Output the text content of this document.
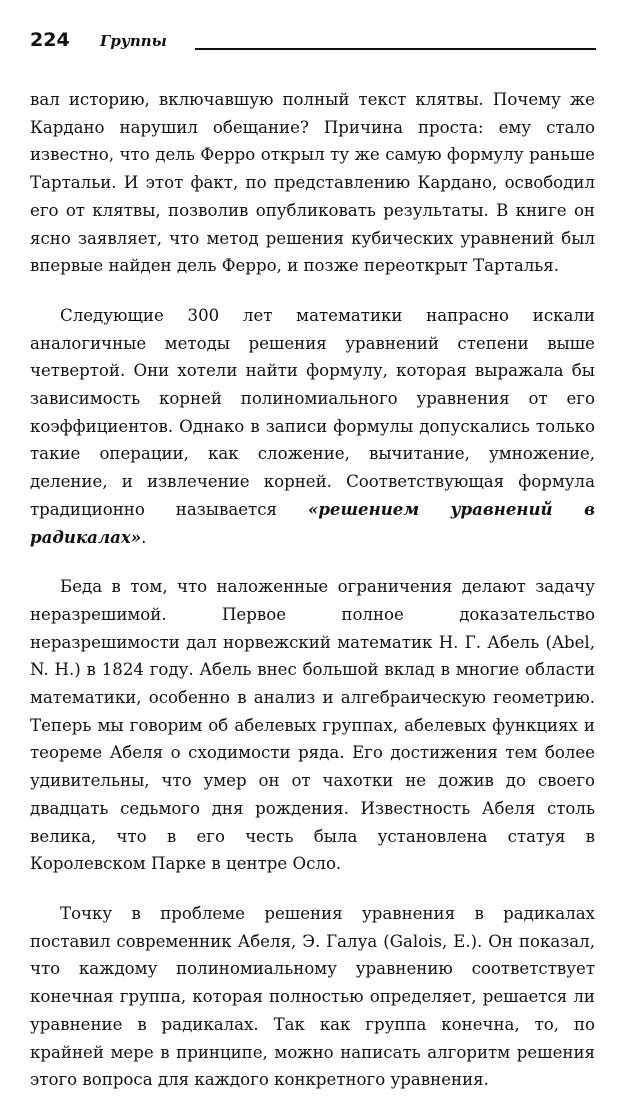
224 Группы

вал историю, включавшую полный текст клятвы. Почему же Кардано нарушил обещание? Причина проста: ему стало известно, что дель Ферро открыл ту же самую формулу раньше Тартальи. И этот факт, по представлению Кардано, освободил его от клятвы, позволив опубликовать результаты. В книге он ясно заявляет, что метод решения кубических уравнений был впервые найден дель Ферро, и позже переоткрыт Тарталья.

Следующие 300 лет математики напрасно искали аналогичные методы решения уравнений степени выше четвертой. Они хотели найти формулу, которая выражала бы зависимость корней полиномиального уравнения от его коэффициентов. Однако в записи формулы допускались только такие операции, как сложение, вычитание, умножение, деление, и извлечение корней. Соответствующая формула традиционно называется «решением уравнений в радикалах».

Беда в том, что наложенные ограничения делают задачу неразрешимой. Первое полное доказательство неразрешимости дал норвежский математик Н. Г. Абель (Abel, N. H.) в 1824 году. Абель внес большой вклад в многие области математики, особенно в анализ и алгебраическую геометрию. Теперь мы говорим об абелевых группах, абелевых функциях и теореме Абеля о сходимости ряда. Его достижения тем более удивительны, что умер он от чахотки не дожив до своего двадцать седьмого дня рождения. Известность Абеля столь велика, что в его честь была установлена статуя в Королевском Парке в центре Осло.

Точку в проблеме решения уравнения в радикалах поставил современник Абеля, Э. Галуа (Galois, E.). Он показал, что каждому полиномиальному уравнению соответствует конечная группа, которая полностью определяет, решается ли уравнение в радикалах. Так как группа конечна, то, по крайней мере в принципе, можно написать алгоритм решения этого вопроса для каждого конкретного уравнения.
